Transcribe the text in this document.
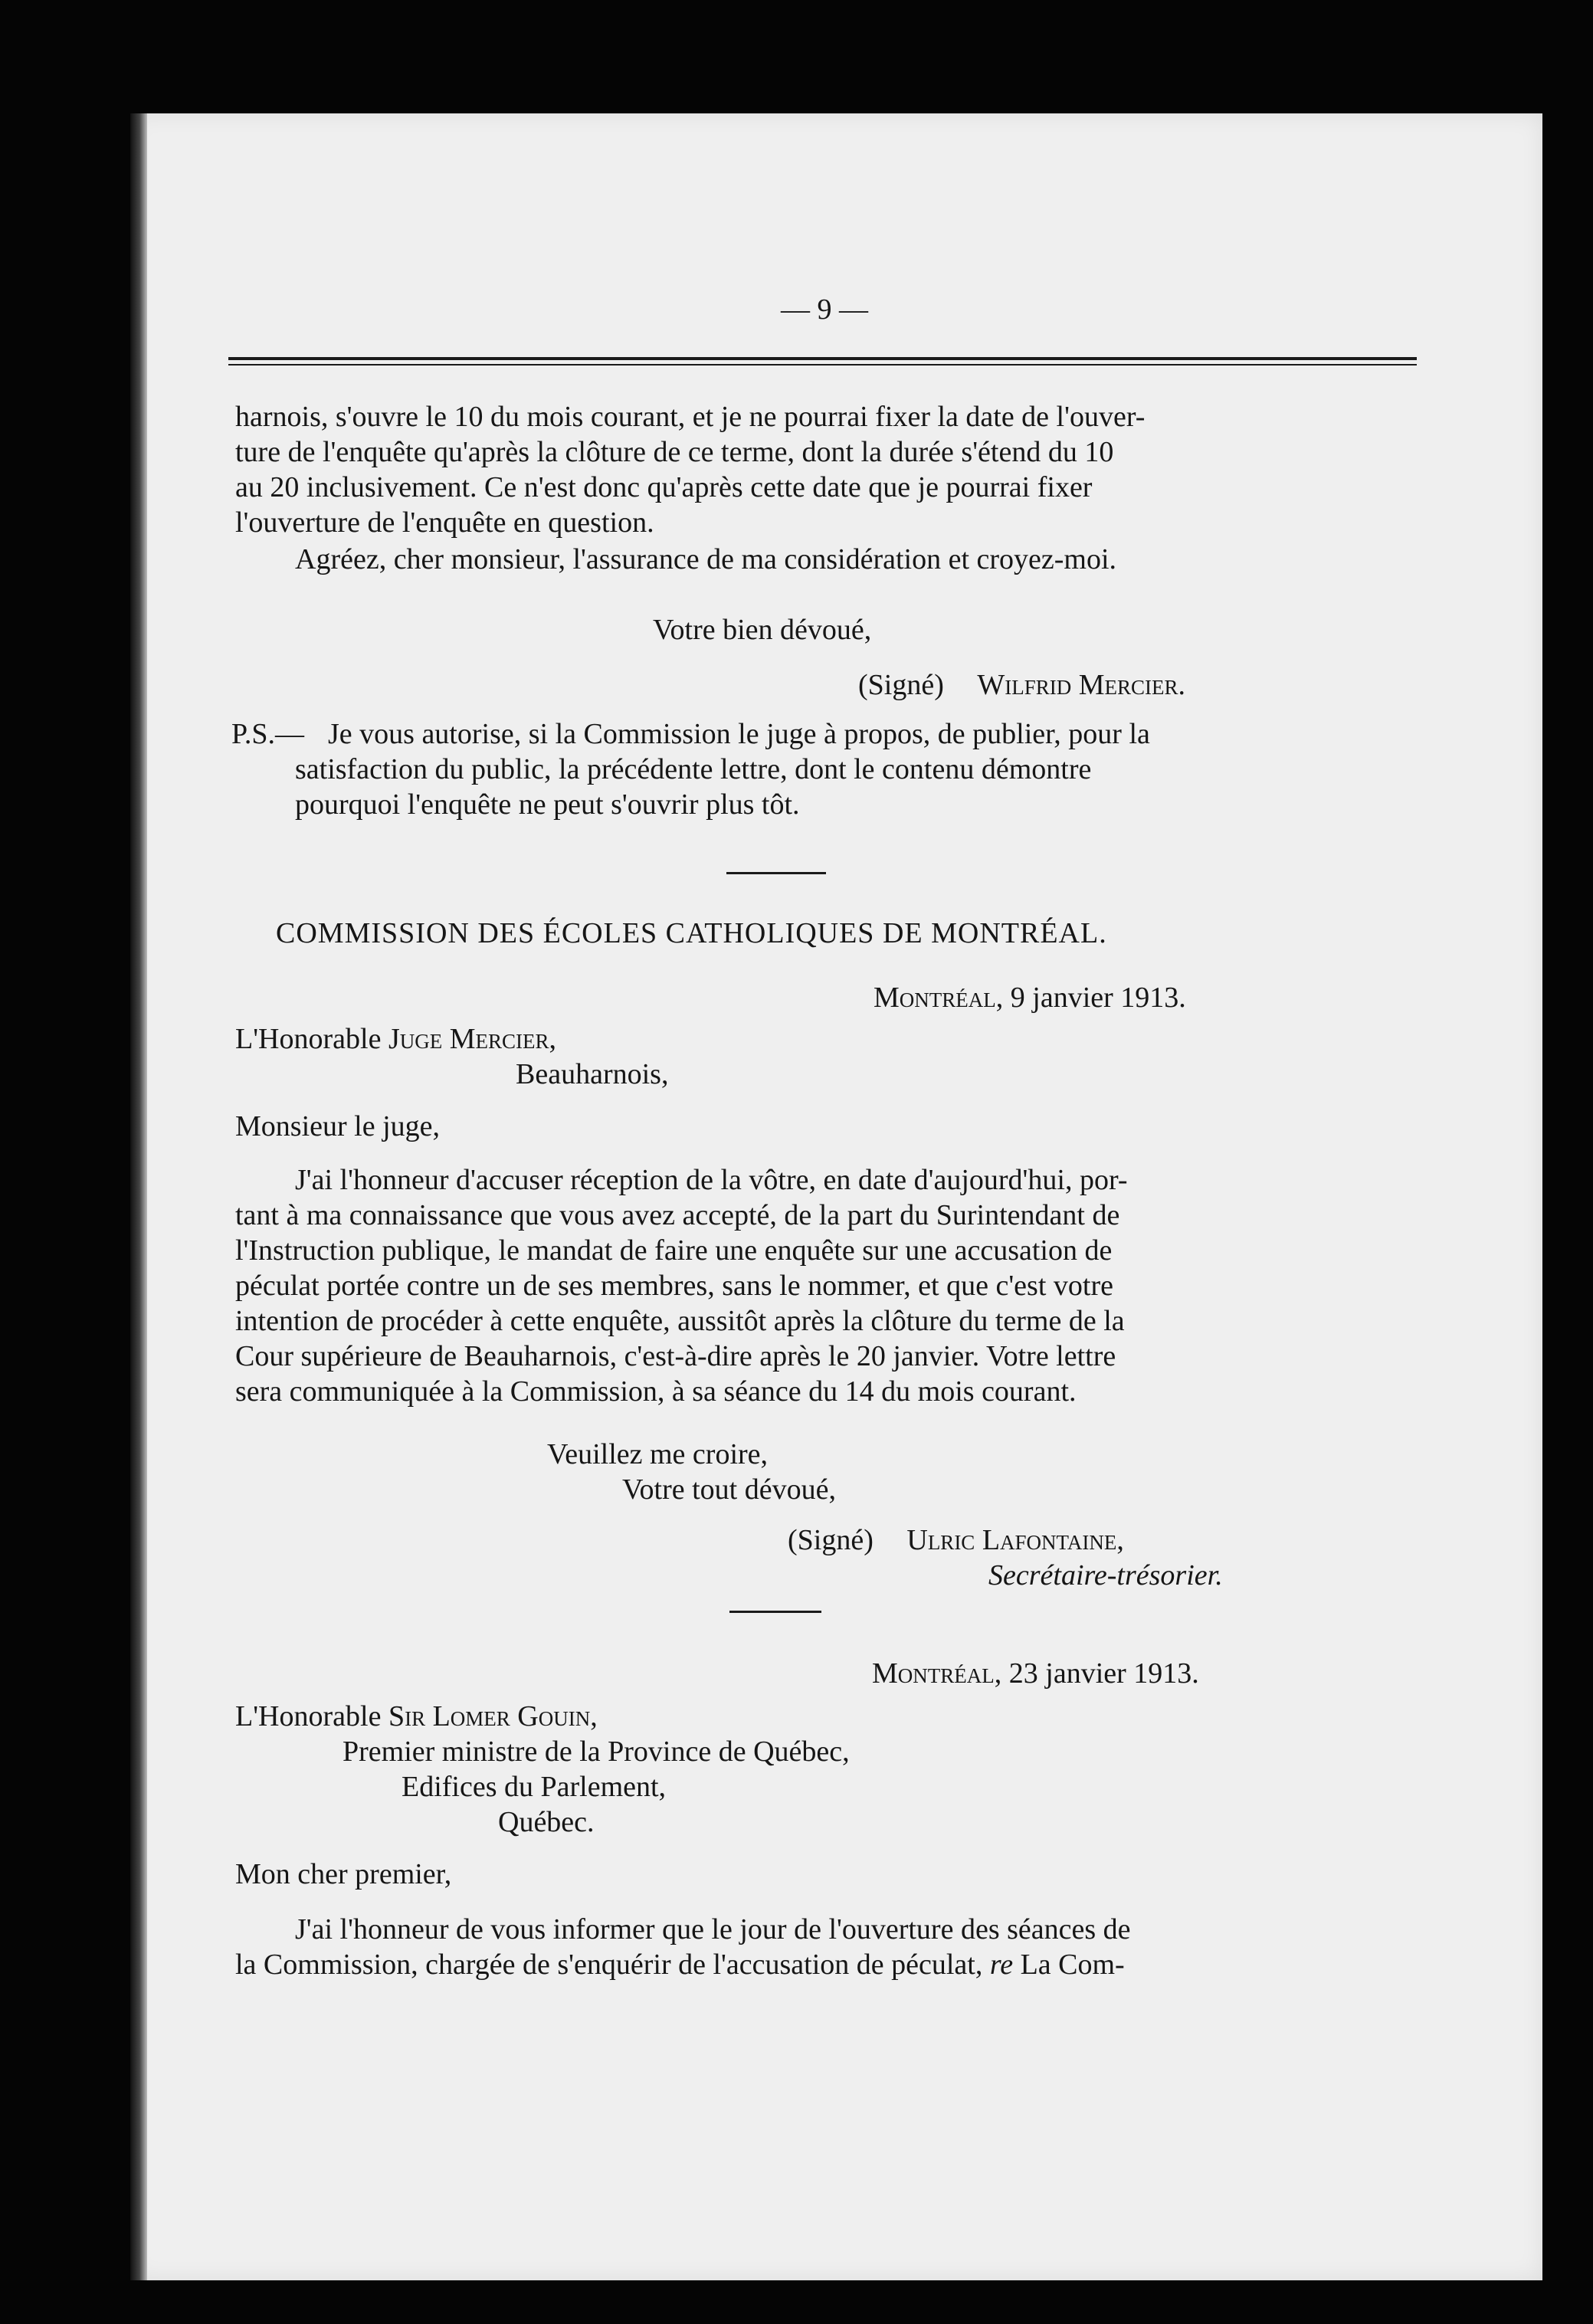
— 9 —
harnois, s'ouvre le 10 du mois courant, et je ne pourrai fixer la date de l'ouver-
ture de l'enquête qu'après la clôture de ce terme, dont la durée s'étend du 10
au 20 inclusivement. Ce n'est donc qu'après cette date que je pourrai fixer
l'ouverture de l'enquête en question.
Agréez, cher monsieur, l'assurance de ma considération et croyez-moi.
Votre bien dévoué,
(Signé) Wilfrid Mercier.
P.S.— Je vous autorise, si la Commission le juge à propos, de publier, pour la
satisfaction du public, la précédente lettre, dont le contenu démontre
pourquoi l'enquête ne peut s'ouvrir plus tôt.
COMMISSION DES ÉCOLES CATHOLIQUES DE MONTRÉAL.
Montréal, 9 janvier 1913.
L'Honorable Juge Mercier,
Beauharnois,
Monsieur le juge,
J'ai l'honneur d'accuser réception de la vôtre, en date d'aujourd'hui, por-
tant à ma connaissance que vous avez accepté, de la part du Surintendant de
l'Instruction publique, le mandat de faire une enquête sur une accusation de
péculat portée contre un de ses membres, sans le nommer, et que c'est votre
intention de procéder à cette enquête, aussitôt après la clôture du terme de la
Cour supérieure de Beauharnois, c'est-à-dire après le 20 janvier. Votre lettre
sera communiquée à la Commission, à sa séance du 14 du mois courant.
Veuillez me croire,
Votre tout dévoué,
(Signé) Ulric Lafontaine,
Secrétaire-trésorier.
Montréal, 23 janvier 1913.
L'Honorable Sir Lomer Gouin,
Premier ministre de la Province de Québec,
Edifices du Parlement,
Québec.
Mon cher premier,
J'ai l'honneur de vous informer que le jour de l'ouverture des séances de
la Commission, chargée de s'enquérir de l'accusation de péculat, re La Com-
